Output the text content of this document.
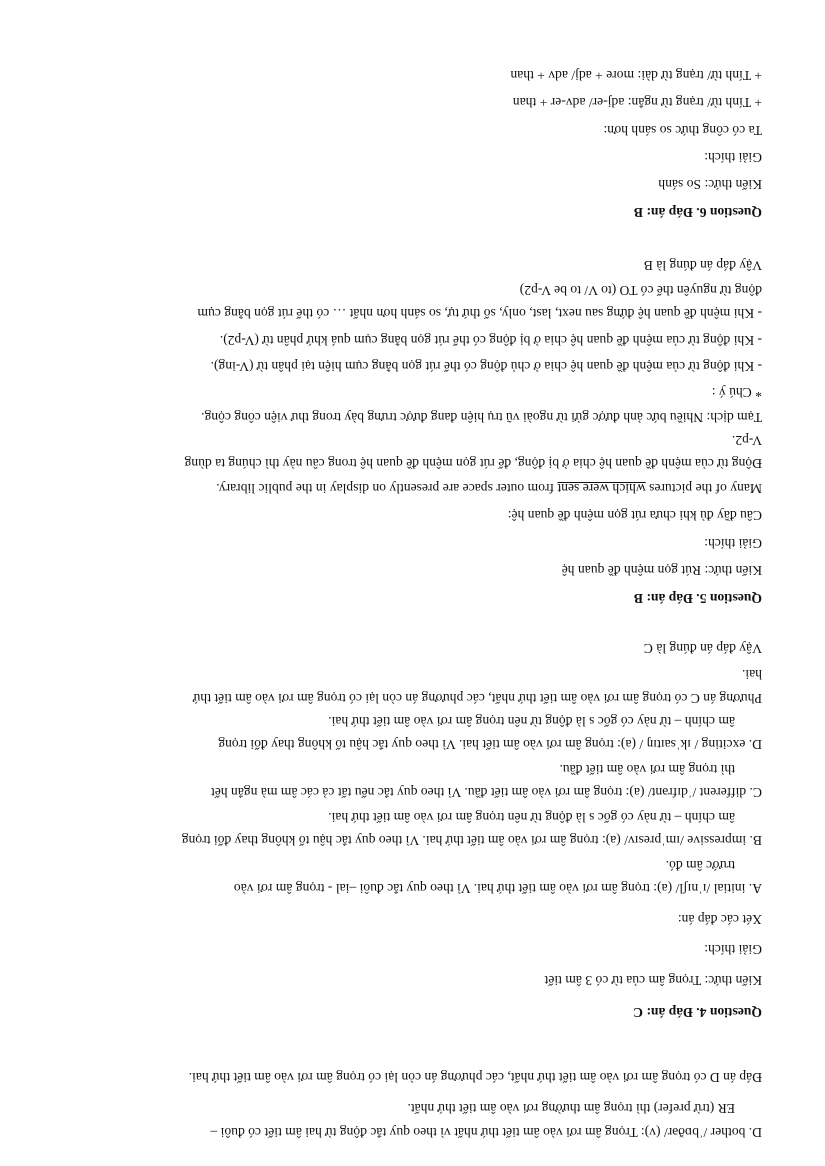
D. bother /ˈbɒðər/ (v): Trọng âm rơi vào âm tiết thứ nhất vì theo quy tắc động từ hai âm tiết có đuôi –
ER (trừ prefer) thì trọng âm thường rơi vào âm tiết thứ nhất.
Đáp án D có trọng âm rơi vào âm tiết thứ nhất, các phương án còn lại có trọng âm rơi vào âm tiết thứ hai.
Question 4. Đáp án: C
Kiến thức: Trọng âm của từ có 3 âm tiết
Giải thích:
Xét các đáp án:
A. initial /ɪˈnɪʃl/ (a): trọng âm rơi vào âm tiết thứ hai. Vì theo quy tắc đuôi –ial - trọng âm rơi vào
trước âm đó.
B. impressive /ɪmˈpresɪv/ (a): trọng âm rơi vào âm tiết thứ hai. Vì theo quy tắc hậu tố không thay đổi trọng
âm chính – từ này có gốc s là động từ nên trọng âm rơi vào âm tiết thứ hai.
C. different /ˈdɪfrənt/ (a): trọng âm rơi vào âm tiết đầu. Vì theo quy tắc nếu tất cả các âm mà ngắn hết
thì trọng âm rơi vào âm tiết đầu.
D. exciting / ɪkˈsaɪtɪŋ / (a): trọng âm rơi vào âm tiết hai. Vì theo quy tắc hậu tố không thay đổi trọng
âm chính – từ này có gốc s là động từ nên trọng âm rơi vào âm tiết thứ hai.
Phương án C có trọng âm rơi vào âm tiết thứ nhất, các phương án còn lại có trọng âm rơi vào âm tiết thứ
hai.
Vậy đáp án đúng là C
Question 5. Đáp án: B
Kiến thức: Rút gọn mệnh đề quan hệ
Giải thích:
Câu đầy đủ khi chưa rút gọn mệnh đề quan hệ:
Many of the pictures which were sent from outer space are presently on display in the public library.
Động từ của mệnh đề quan hệ chia ở bị động, để rút gọn mệnh đề quan hệ trong câu này thì chúng ta dùng
V-p2.
Tạm dịch: Nhiều bức ảnh được gửi từ ngoài vũ trụ hiện đang được trưng bày trong thư viện công cộng.
* Chú ý :
- Khi động từ của mệnh đề quan hệ chia ở chủ động có thể rút gọn bằng cụm hiện tại phân từ (V-ing).
- Khi động từ của mệnh đề quan hệ chia ở bị động có thể rút gọn bằng cụm quá khứ phân từ (V-p2).
- Khi mệnh đề quan hệ đứng sau next, last, only, số thứ tự, so sánh hơn nhất … có thể rút gọn bằng cụm
động từ nguyên thể có TO (to V/ to be V-p2)
Vậy đáp án đúng là B
Question 6. Đáp án: B
Kiến thức: So sánh
Giải thích:
Ta có công thức so sánh hơn:
+ Tính từ/ trạng từ ngắn: adj-er/ adv-er + than
+ Tính từ/ trạng từ dài: more + adj/ adv + than
